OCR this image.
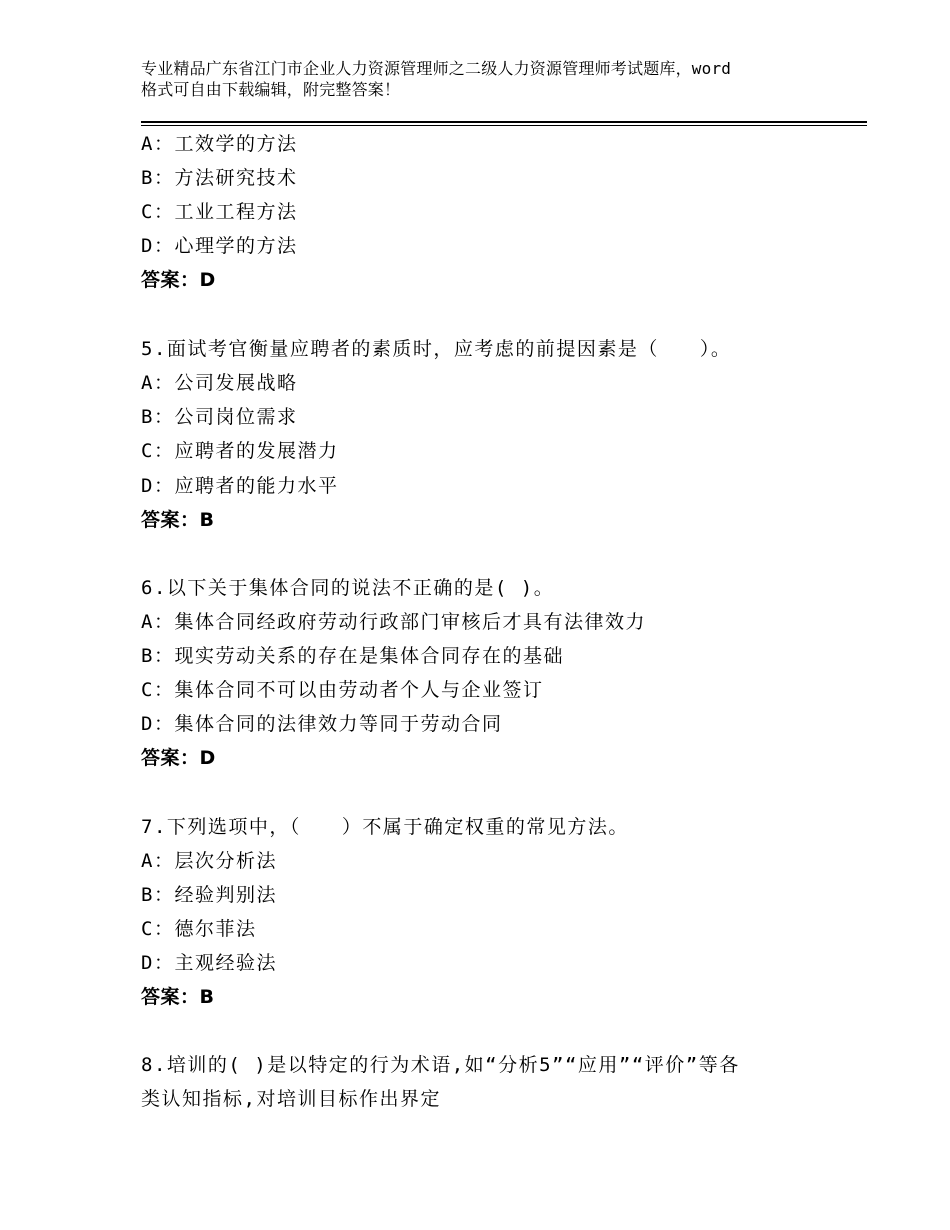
专业精品广东省江门市企业人力资源管理师之二级人力资源管理师考试题库，word
格式可自由下载编辑，附完整答案！
A：工效学的方法
B：方法研究技术
C：工业工程方法
D：心理学的方法
答案：D
5.面试考官衡量应聘者的素质时，应考虑的前提因素是（　　）。
A：公司发展战略
B：公司岗位需求
C：应聘者的发展潜力
D：应聘者的能力水平
答案：B
6.以下关于集体合同的说法不正确的是( )。
A：集体合同经政府劳动行政部门审核后才具有法律效力
B：现实劳动关系的存在是集体合同存在的基础
C：集体合同不可以由劳动者个人与企业签订
D：集体合同的法律效力等同于劳动合同
答案：D
7.下列选项中，（　　）不属于确定权重的常见方法。
A：层次分析法
B：经验判别法
C：德尔菲法
D：主观经验法
答案：B
8.培训的( )是以特定的行为术语,如“分析5”“应用”“评价”等各
类认知指标,对培训目标作出界定
